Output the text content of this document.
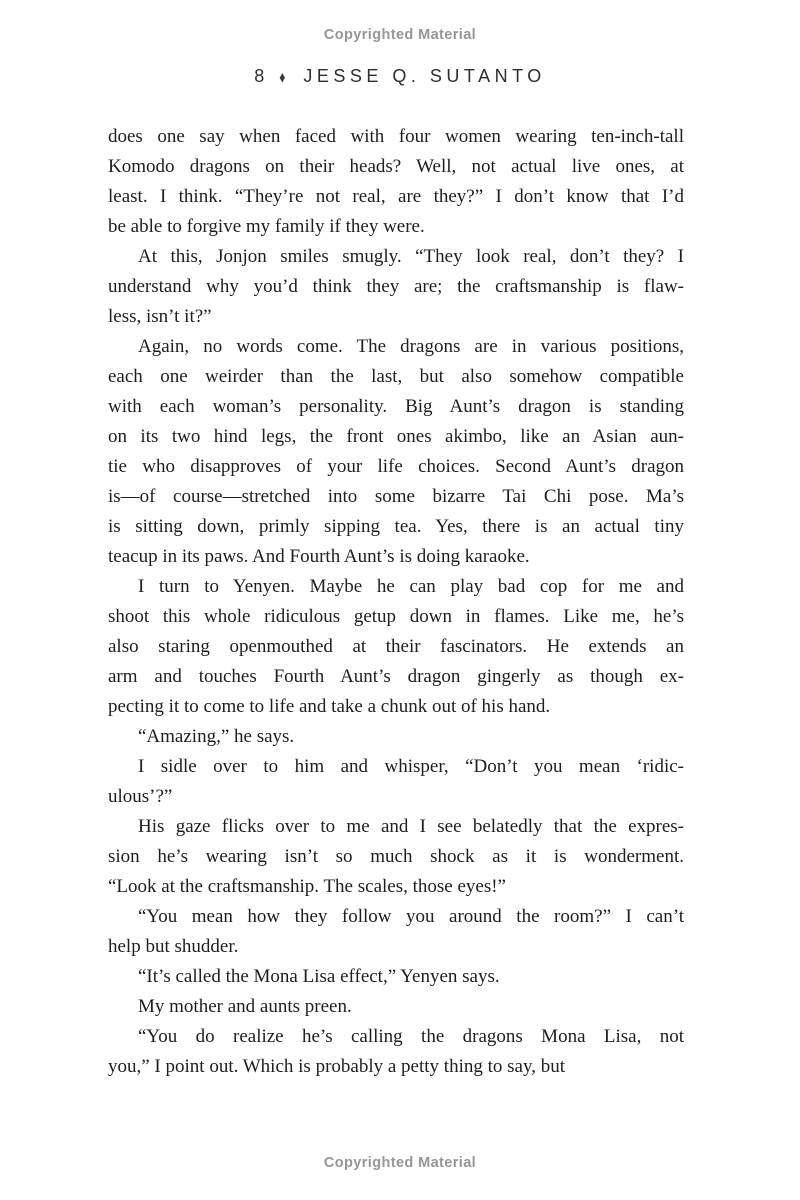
Copyrighted Material
8 ♦ JESSE Q. SUTANTO
does one say when faced with four women wearing ten-inch-tall
Komodo dragons on their heads? Well, not actual live ones, at
least. I think. “They’re not real, are they?” I don’t know that I’d
be able to forgive my family if they were.
At this, Jonjon smiles smugly. “They look real, don’t they? I
understand why you’d think they are; the craftsmanship is flaw-
less, isn’t it?”
Again, no words come. The dragons are in various positions,
each one weirder than the last, but also somehow compatible
with each woman’s personality. Big Aunt’s dragon is standing
on its two hind legs, the front ones akimbo, like an Asian aun-
tie who disapproves of your life choices. Second Aunt’s dragon
is—of course—stretched into some bizarre Tai Chi pose. Ma’s
is sitting down, primly sipping tea. Yes, there is an actual tiny
teacup in its paws. And Fourth Aunt’s is doing karaoke.
I turn to Yenyen. Maybe he can play bad cop for me and
shoot this whole ridiculous getup down in flames. Like me, he’s
also staring openmouthed at their fascinators. He extends an
arm and touches Fourth Aunt’s dragon gingerly as though ex-
pecting it to come to life and take a chunk out of his hand.
“Amazing,” he says.
I sidle over to him and whisper, “Don’t you mean ‘ridic-
ulous’?”
His gaze flicks over to me and I see belatedly that the expres-
sion he’s wearing isn’t so much shock as it is wonderment.
“Look at the craftsmanship. The scales, those eyes!”
“You mean how they follow you around the room?” I can’t
help but shudder.
“It’s called the Mona Lisa effect,” Yenyen says.
My mother and aunts preen.
“You do realize he’s calling the dragons Mona Lisa, not
you,” I point out. Which is probably a petty thing to say, but
Copyrighted Material
